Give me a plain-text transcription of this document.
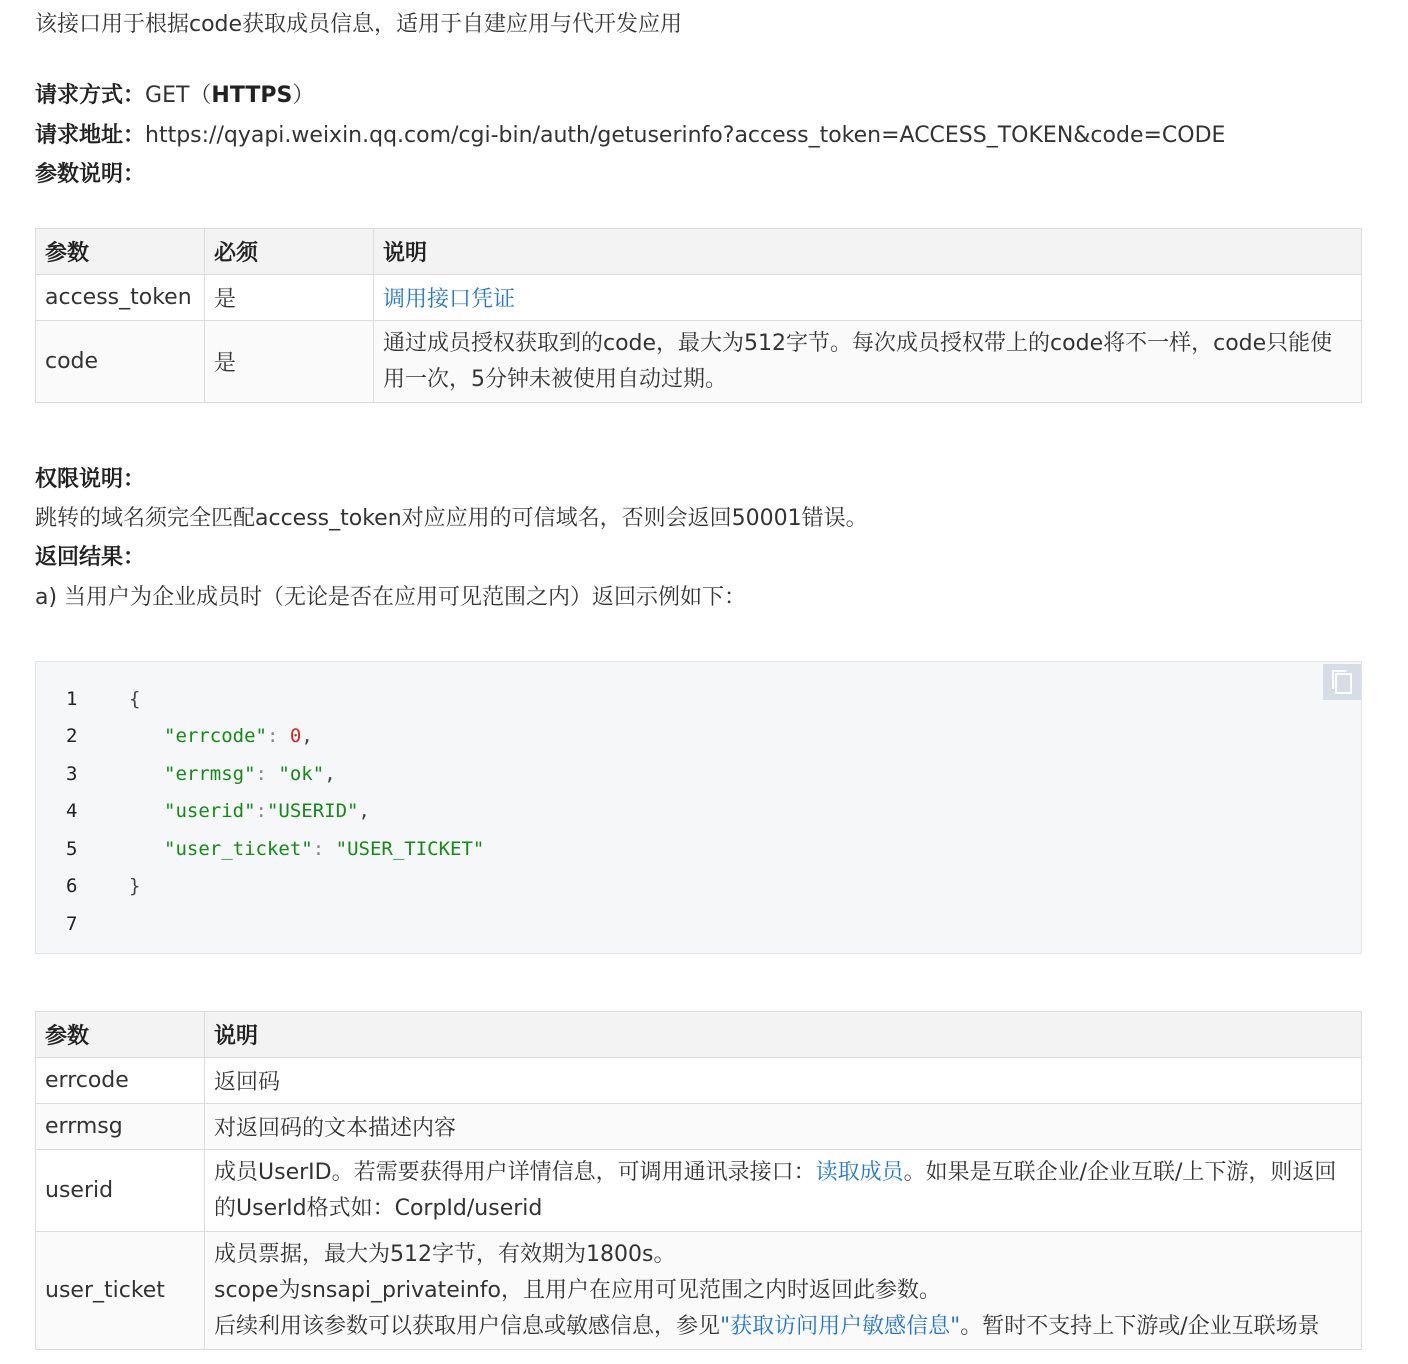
该接口用于根据code获取成员信息，适用于自建应用与代开发应用
请求方式：GET（HTTPS）
请求地址：https://qyapi.weixin.qq.com/cgi-bin/auth/getuserinfo?access_token=ACCESS_TOKEN&code=CODE
参数说明：
参数	必须	说明
access_token	是	调用接口凭证
code	是	通过成员授权获取到的code，最大为512字节。每次成员授权带上的code将不一样，code只能使用一次，5分钟未被使用自动过期。
权限说明：
跳转的域名须完全匹配access_token对应应用的可信域名，否则会返回50001错误。
返回结果：
a) 当用户为企业成员时（无论是否在应用可见范围之内）返回示例如下：
1
2
3
4
5
6
7
{
"errcode": 0,
"errmsg": "ok",
"userid":"USERID",
"user_ticket": "USER_TICKET"
}
参数	说明
errcode	返回码
errmsg	对返回码的文本描述内容
userid	成员UserID。若需要获得用户详情信息，可调用通讯录接口：读取成员。如果是互联企业/企业互联/上下游，则返回的UserId格式如：CorpId/userid
user_ticket	成员票据，最大为512字节，有效期为1800s。
scope为snsapi_privateinfo，且用户在应用可见范围之内时返回此参数。
后续利用该参数可以获取用户信息或敏感信息，参见"获取访问用户敏感信息"。暂时不支持上下游或/企业互联场景
